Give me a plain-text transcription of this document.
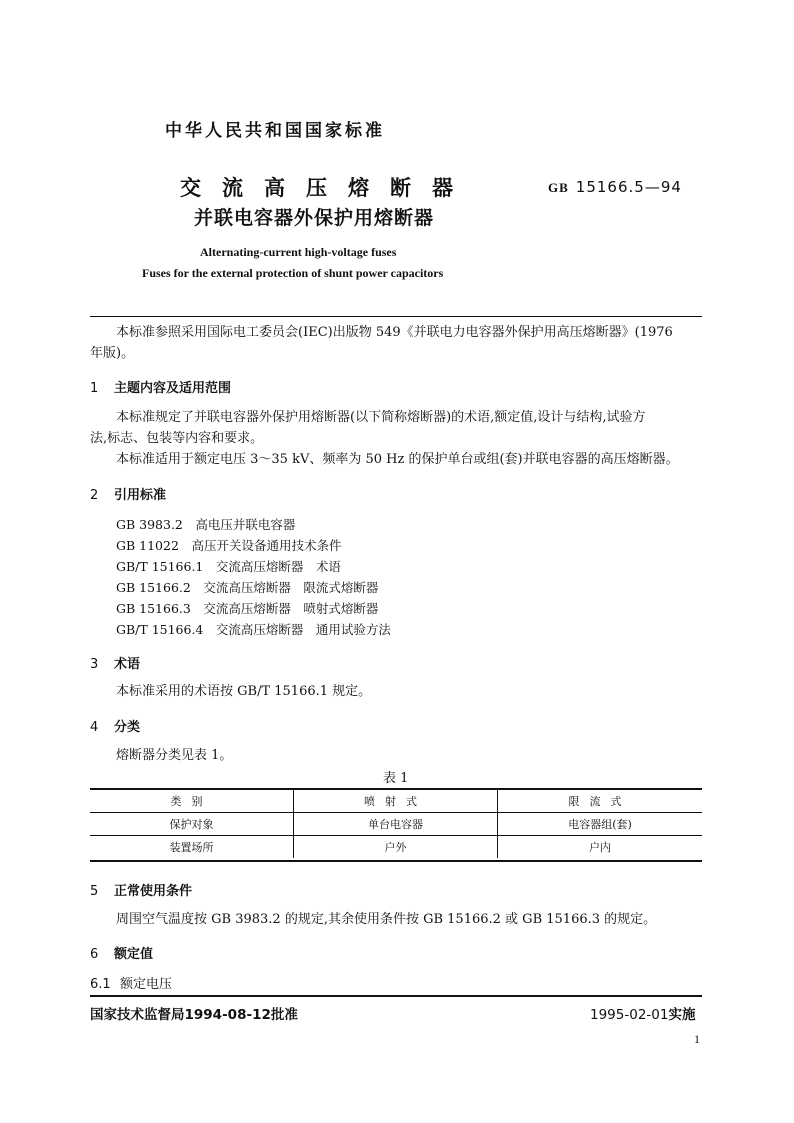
中华人民共和国国家标准
交流高压熔断器
并联电容器外保护用熔断器
GB 15166.5—94
Alternating-current high-voltage fuses
Fuses for the external protection of shunt power capacitors
本标准参照采用国际电工委员会(IEC)出版物 549《并联电力电容器外保护用高压熔断器》(1976
年版)。
1 主题内容及适用范围
本标准规定了并联电容器外保护用熔断器(以下简称熔断器)的术语,额定值,设计与结构,试验方
法,标志、包装等内容和要求。
本标准适用于额定电压 3～35 kV、频率为 50 Hz 的保护单台或组(套)并联电容器的高压熔断器。
2 引用标准
GB 3983.2　 高电压并联电容器
GB 11022　 高压开关设备通用技术条件
GB/T 15166.1　 交流高压熔断器　术语
GB 15166.2　 交流高压熔断器　限流式熔断器
GB 15166.3　 交流高压熔断器　喷射式熔断器
GB/T 15166.4　 交流高压熔断器　通用试验方法
3 术语
本标准采用的术语按 GB/T 15166.1 规定。
4 分类
熔断器分类见表 1。
表 1
类别	喷射式	限流式
保护对象	单台电容器	电容器组(套)
装置场所	户外	户内
5 正常使用条件
周围空气温度按 GB 3983.2 的规定,其余使用条件按 GB 15166.2 或 GB 15166.3 的规定。
6 额定值
6.1 额定电压
国家技术监督局1994-08-12批准	1995-02-01实施
1
